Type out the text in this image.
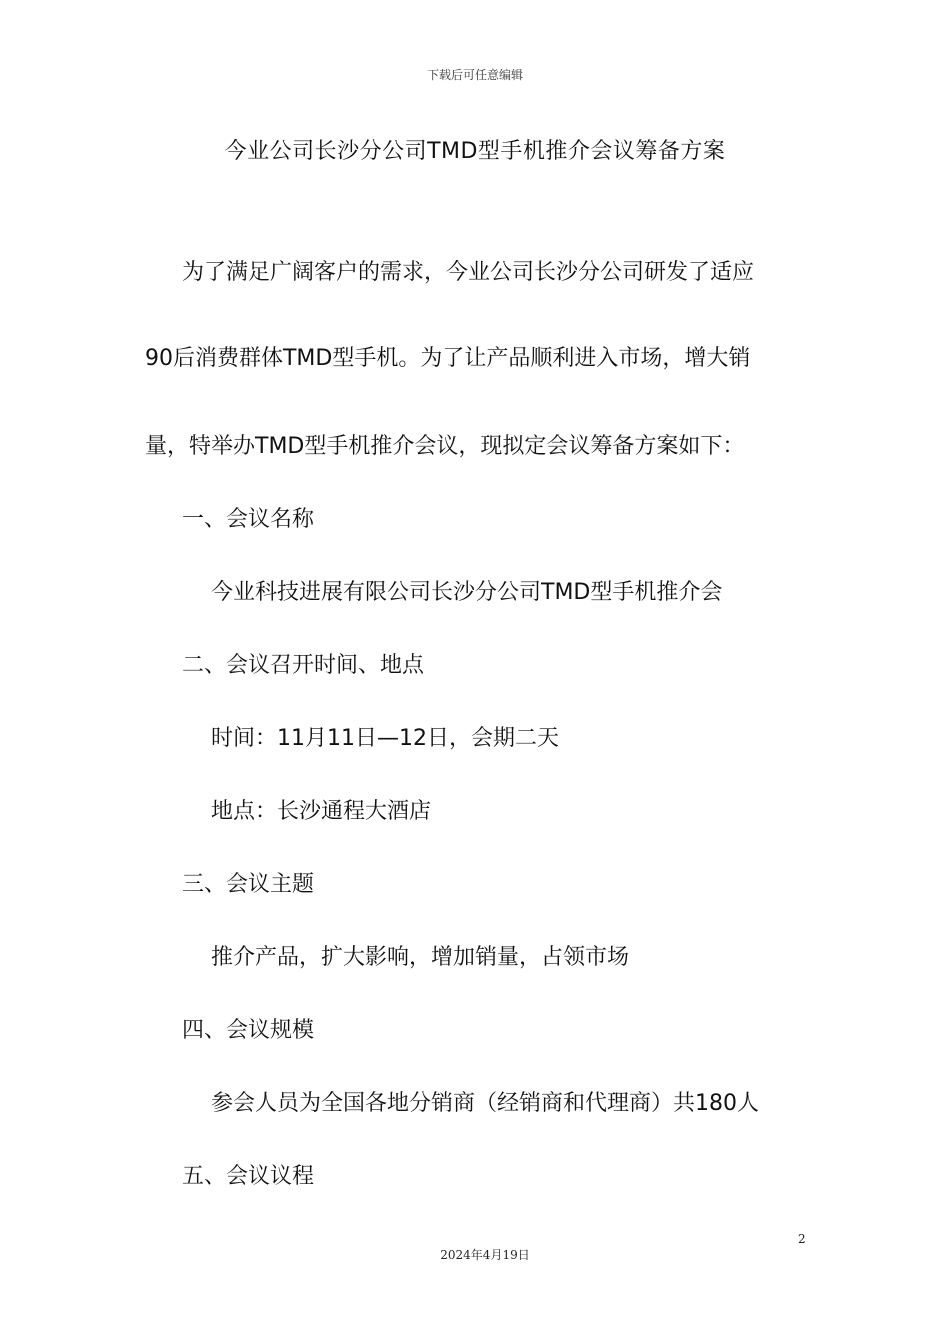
下载后可任意编辑
今业公司长沙分公司TMD型手机推介会议筹备方案
为了满足广阔客户的需求，今业公司长沙分公司研发了适应
90后消费群体TMD型手机。为了让产品顺利进入市场，增大销
量，特举办TMD型手机推介会议，现拟定会议筹备方案如下：
一、会议名称
今业科技进展有限公司长沙分公司TMD型手机推介会
二、会议召开时间、地点
时间：11月11日—12日，会期二天
地点：长沙通程大酒店
三、会议主题
推介产品，扩大影响，增加销量，占领市场
四、会议规模
参会人员为全国各地分销商（经销商和代理商）共180人
五、会议议程
2
2024年4月19日
